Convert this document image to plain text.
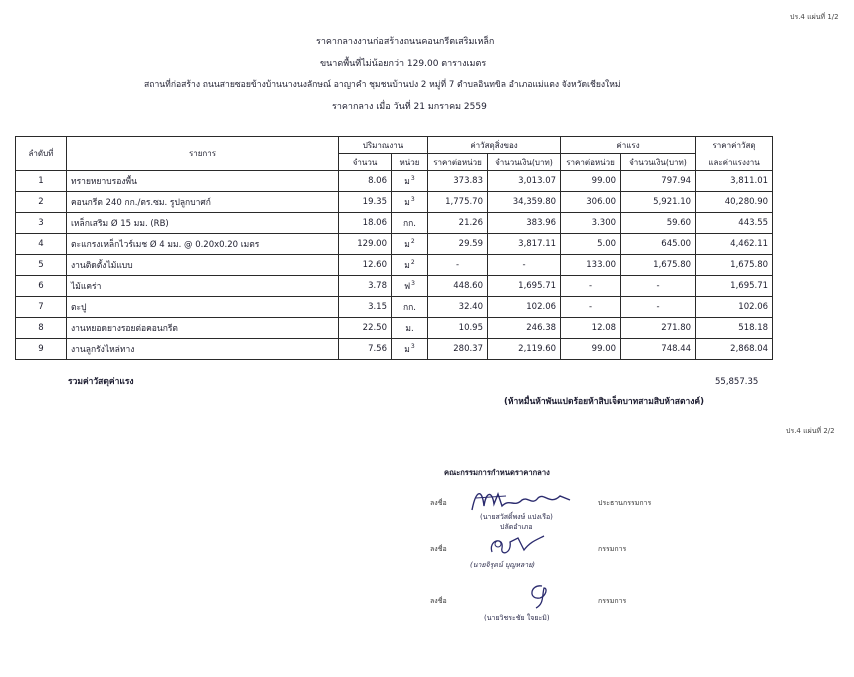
ปร.4 แผ่นที่ 1/2
ราคากลางงานก่อสร้างถนนคอนกรีตเสริมเหล็ก
ขนาดพื้นที่ไม่น้อยกว่า 129.00 ตารางเมตร
สถานที่ก่อสร้าง ถนนสายซอยข้างบ้านนางนงลักษณ์ อาญาคำ ชุมชนบ้านปง 2 หมู่ที่ 7 ตำบลอินทขิล อำเภอแม่แตง จังหวัดเชียงใหม่
ราคากลาง เมื่อ วันที่ 21 มกราคม 2559
ลำดับที่	รายการ	ปริมาณงาน		ค่าวัสดุสิ่งของ		ค่าแรง		ราคาค่าวัสดุ
และค่าแรงงาน

		จำนวน	หน่วย	ราคาต่อหน่วย	จำนวนเงิน(บาท)	ราคาต่อหน่วย	จำนวนเงิน(บาท)	
1	ทรายหยาบรองพื้น	8.06	ม$^3$	373.83	3,013.07	99.00	797.94	3,811.01
2	คอนกรีต 240 กก./ตร.ซม. รูปลูกบาศก์	19.35	ม$^3$	1,775.70	34,359.80	306.00	5,921.10	40,280.90
3	เหล็กเสริม Ø 15 มม. (RB)	18.06	กก.	21.26	383.96	3.300	59.60	443.55
4	ตะแกรงเหล็กไวร์เมช Ø 4 มม. @ 0.20x0.20 เมตร	129.00	ม$^2$	29.59	3,817.11	5.00	645.00	4,462.11
5	งานติดตั้งไม้แบบ	12.60	ม$^2$	-	-	133.00	1,675.80	1,675.80
6	ไม้แคร่า	3.78	ฟ$^3$	448.60	1,695.71	-	-	1,695.71
7	ตะปู	3.15	กก.	32.40	102.06	-	-	102.06
8	งานหยอดยางรอยต่อคอนกรีต	22.50	ม.	10.95	246.38	12.08	271.80	518.18
9	งานลูกรังไหล่ทาง	7.56	ม$^3$	280.37	2,119.60	99.00	748.44	2,868.04
รวมค่าวัสดุค่าแรง	55,857.35
(ห้าหมื่นห้าพันแปดร้อยห้าสิบเจ็ดบาทสามสิบห้าสตางค์)
ปร.4 แผ่นที่ 2/2
คณะกรรมการกำหนดราคากลาง
ลงชื่อ	ประธานกรรมการ
(นายสวัสดิ์พงษ์ แปงเรือ)
ปลัดอำเภอ
ลงชื่อ	กรรมการ
(นายจิรุตน์ บุญหลาย)
ลงชื่อ	กรรมการ
(นายวิชระชัย ใจยะมิ)
